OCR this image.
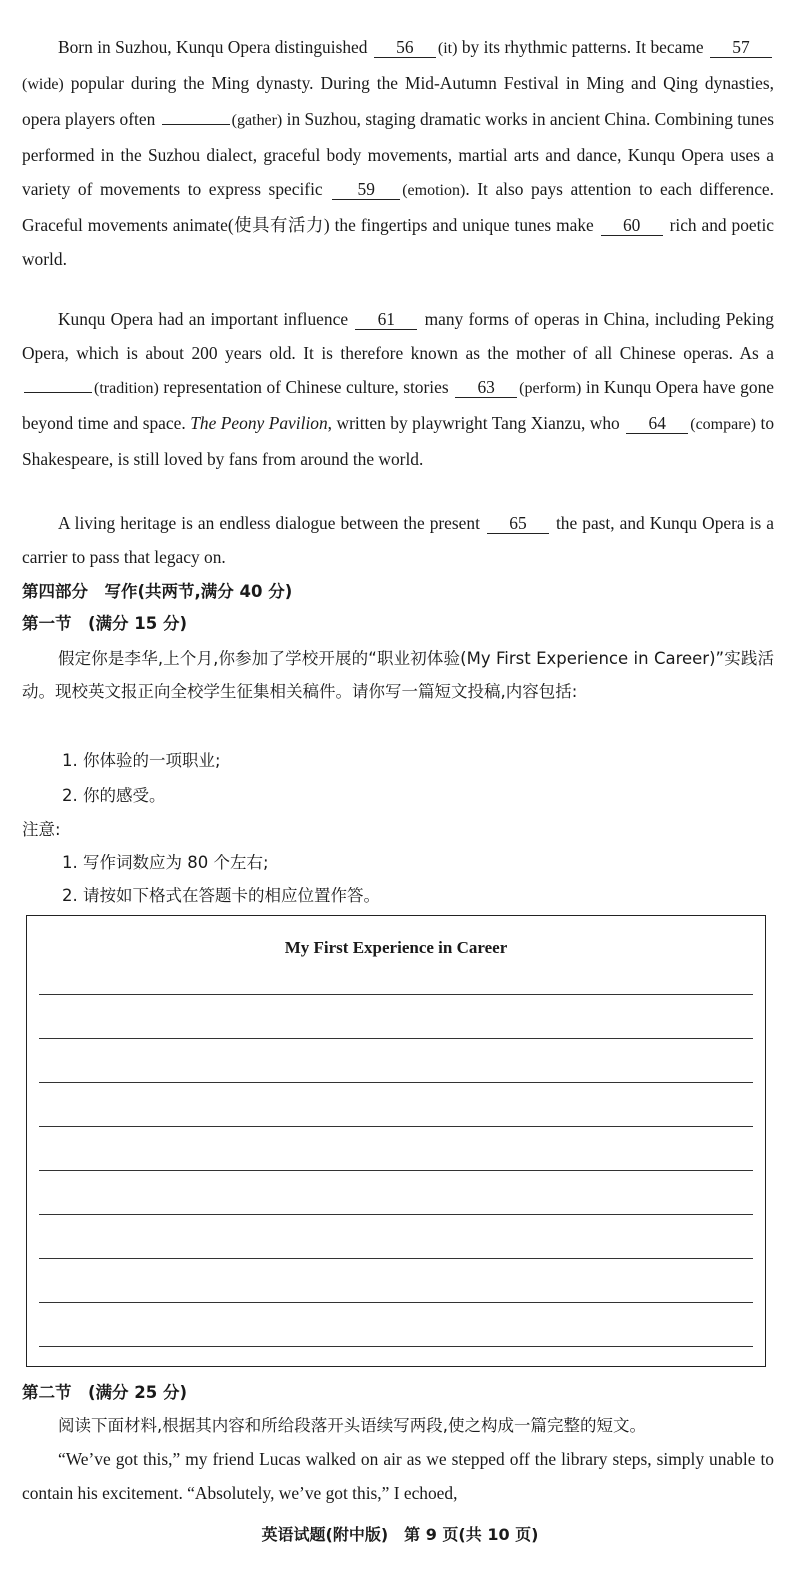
Born in Suzhou, Kunqu Opera distinguished 56 (it) by its rhythmic patterns. It became 57(wide) popular during the Ming dynasty. During the Mid-Autumn Festival in Ming and Qing dynasties, opera players often	(gather) in Suzhou, staging dramatic works in ancient China. Combining tunes performed in the Suzhou dialect, graceful body movements, martial arts and dance, Kunqu Opera uses a variety of movements to express specific 59 (emotion). It also pays attention to each difference. Graceful movements animate(使具有活力) the fingertips and unique tunes make 60 rich and poetic world.

Kunqu Opera had an important influence 61 many forms of operas in China, including Peking Opera, which is about 200 years old. It is therefore known as the mother of all Chinese operas. As a (tradition) representation of Chinese culture, stories 63 (perform) in Kunqu Opera have gone beyond time and space. The Peony Pavilion, written by playwright Tang Xianzu, who 64 (compare) to Shakespeare, is still loved by fans from around the world.

A living heritage is an endless dialogue between the present 65 the past, and Kunqu Opera is a carrier to pass that legacy on.

第四部分　写作(共两节,满分 40 分)

第一节　(满分 15 分)

假定你是李华,上个月,你参加了学校开展的“职业初体验(My First Experience in Career)”实践活动。现校英文报正向全校学生征集相关稿件。请你写一篇短文投稿,内容包括:

1. 你体验的一项职业;

2. 你的感受。

注意:

1. 写作词数应为 80 个左右;

2. 请按如下格式在答题卡的相应位置作答。

My First Experience in Career

第二节　(满分 25 分)

阅读下面材料,根据其内容和所给段落开头语续写两段,使之构成一篇完整的短文。

“We’ve got this,” my friend Lucas walked on air as we stepped off the library steps, simply unable to contain his excitement. “Absolutely, we’ve got this,” I echoed,

英语试题(附中版)　第 9 页(共 10 页)
